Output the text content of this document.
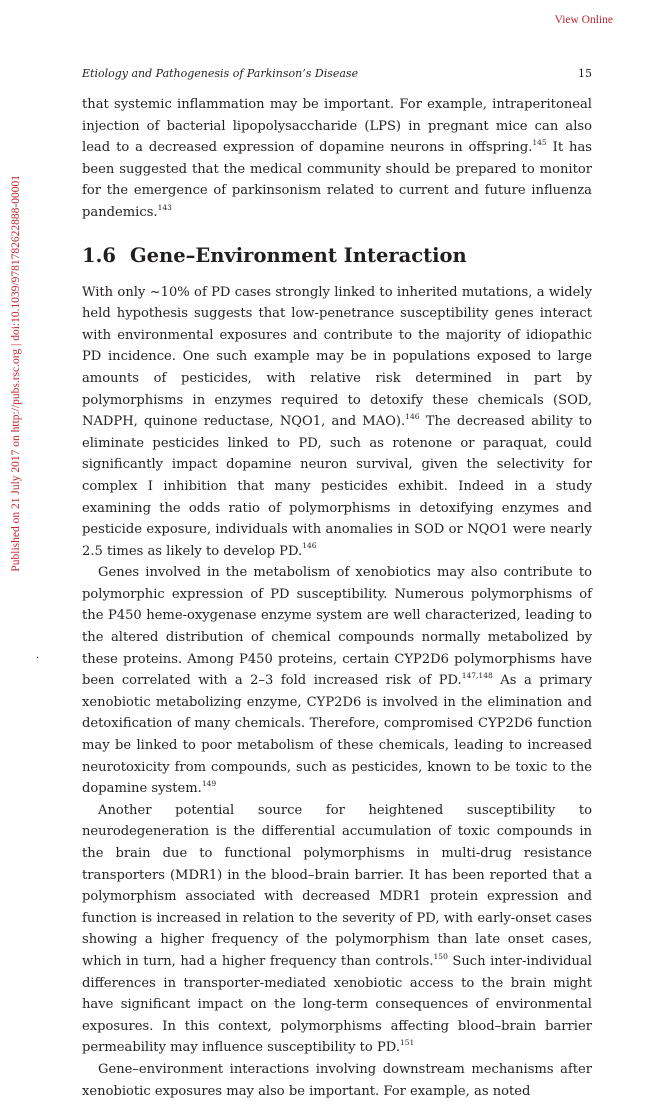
View Online
Published on 21 July 2017 on http://pubs.rsc.org | doi:10.1039/9781782622888-00001
·
Etiology and Pathogenesis of Parkinson’s Disease	15

that systemic inflammation may be important. For example, intraperitoneal injection of bacterial lipopolysaccharide (LPS) in pregnant mice can also lead to a decreased expression of dopamine neurons in offspring.$^{145}$ It has been suggested that the medical community should be prepared to monitor for the emergence of parkinsonism related to current and future influenza pandemics.$^{143}$

1.6 Gene–Environment Interaction

With only ~10% of PD cases strongly linked to inherited mutations, a widely held hypothesis suggests that low-penetrance susceptibility genes interact with environmental exposures and contribute to the majority of idiopathic PD incidence. One such example may be in populations exposed to large amounts of pesticides, with relative risk determined in part by polymorphisms in enzymes required to detoxify these chemicals (SOD, NADPH, quinone reductase, NQO1, and MAO).$^{146}$ The decreased ability to eliminate pesticides linked to PD, such as rotenone or paraquat, could significantly impact dopamine neuron survival, given the selectivity for complex I inhibition that many pesticides exhibit. Indeed in a study examining the odds ratio of polymorphisms in detoxifying enzymes and pesticide exposure, individuals with anomalies in SOD or NQO1 were nearly 2.5 times as likely to develop PD.$^{146}$

Genes involved in the metabolism of xenobiotics may also contribute to polymorphic expression of PD susceptibility. Numerous polymorphisms of the P450 heme-oxygenase enzyme system are well characterized, leading to the altered distribution of chemical compounds normally metabolized by these proteins. Among P450 proteins, certain CYP2D6 polymorphisms have been correlated with a 2–3 fold increased risk of PD.$^{147,148}$ As a primary xenobiotic metabolizing enzyme, CYP2D6 is involved in the elimination and detoxification of many chemicals. Therefore, compromised CYP2D6 function may be linked to poor metabolism of these chemicals, leading to increased neurotoxicity from compounds, such as pesticides, known to be toxic to the dopamine system.$^{149}$

Another potential source for heightened susceptibility to neurodegeneration is the differential accumulation of toxic compounds in the brain due to functional polymorphisms in multi-drug resistance transporters (MDR1) in the blood–brain barrier. It has been reported that a polymorphism associated with decreased MDR1 protein expression and function is increased in relation to the severity of PD, with early-onset cases showing a higher frequency of the polymorphism than late onset cases, which in turn, had a higher frequency than controls.$^{150}$ Such inter-individual differences in transporter-mediated xenobiotic access to the brain might have significant impact on the long-term consequences of environmental exposures. In this context, polymorphisms affecting blood–brain barrier permeability may influence susceptibility to PD.$^{151}$

Gene–environment interactions involving downstream mechanisms after xenobiotic exposures may also be important. For example, as noted
